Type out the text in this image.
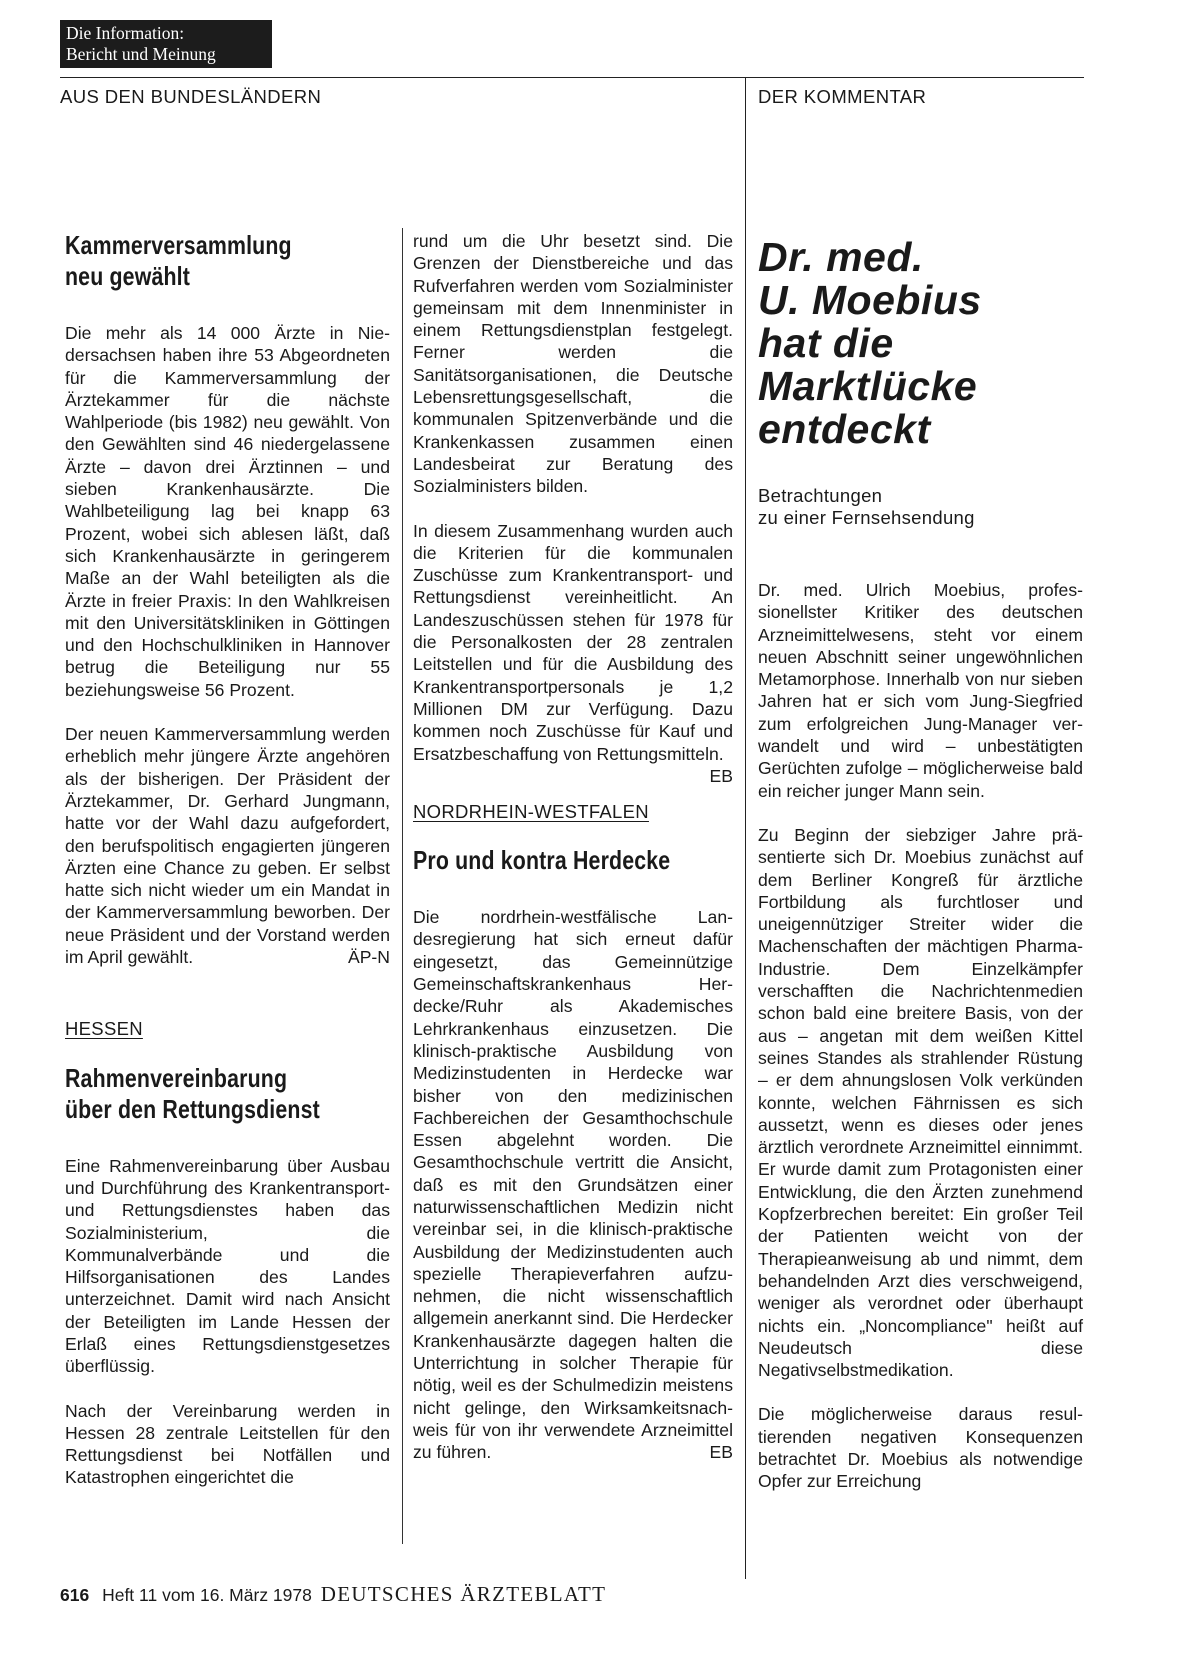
Die Information:
Bericht und Meinung
AUS DEN BUNDESLÄNDERN	DER KOMMENTAR
Kammerversammlung
neu gewählt

Die mehr als 14 000 Ärzte in Niedersachsen haben ihre 53 Abgeordneten für die Kammerversammlung der Ärztekammer für die nächste Wahlperiode (bis 1982) neu gewählt. Von den Gewählten sind 46 niedergelassene Ärzte – davon drei Ärztinnen – und sieben Krankenhausärzte. Die Wahlbeteiligung lag bei knapp 63 Prozent, wobei sich ablesen läßt, daß sich Krankenhausärzte in geringerem Maße an der Wahl beteiligten als die Ärzte in freier Praxis: In den Wahlkreisen mit den Universitätskliniken in Göttingen und den Hochschulkliniken in Hannover betrug die Beteiligung nur 55 beziehungsweise 56 Prozent.

Der neuen Kammerversammlung werden erheblich mehr jüngere Ärzte angehören als der bisherigen. Der Präsident der Ärztekammer, Dr. Gerhard Jungmann, hatte vor der Wahl dazu aufgefordert, den berufspolitisch engagierten jüngeren Ärzten eine Chance zu geben. Er selbst hatte sich nicht wieder um ein Mandat in der Kammerversammlung beworben. Der neue Präsident und der Vorstand werden im April gewählt.	ÄP-N

HESSEN
Rahmenvereinbarung
über den Rettungsdienst

Eine Rahmenvereinbarung über Ausbau und Durchführung des Krankentransport- und Rettungsdienstes haben das Sozialministerium, die Kommunalverbände und die Hilfsorganisationen des Landes unterzeichnet. Damit wird nach Ansicht der Beteiligten im Lande Hessen der Erlaß eines Rettungsdienstgesetzes überflüssig.

Nach der Vereinbarung werden in Hessen 28 zentrale Leitstellen für den Rettungsdienst bei Notfällen und Katastrophen eingerichtet die

rund um die Uhr besetzt sind. Die Grenzen der Dienstbereiche und das Rufverfahren werden vom Sozialminister gemeinsam mit dem Innenminister in einem Rettungsdienstplan festgelegt. Ferner werden die Sanitätsorganisationen, die Deutsche Lebensrettungsgesellschaft, die kommunalen Spitzenverbände und die Krankenkassen zusammen einen Landesbeirat zur Beratung des Sozialministers bilden.

In diesem Zusammenhang wurden auch die Kriterien für die kommunalen Zuschüsse zum Krankentransport- und Rettungsdienst vereinheitlicht. An Landeszuschüssen stehen für 1978 für die Personalkosten der 28 zentralen Leitstellen und für die Ausbildung des Krankentransportpersonals je 1,2 Millionen DM zur Verfügung. Dazu kommen noch Zuschüsse für Kauf und Ersatzbeschaffung von Rettungsmitteln.
EB

NORDRHEIN-WESTFALEN
Pro und kontra Herdecke

Die nordrhein-westfälische Landesregierung hat sich erneut dafür eingesetzt, das Gemeinnützige Gemeinschaftskrankenhaus Herdecke/Ruhr als Akademisches Lehrkrankenhaus einzusetzen. Die klinisch-praktische Ausbildung von Medizinstudenten in Herdecke war bisher von den medizinischen Fachbereichen der Gesamthochschule Essen abgelehnt worden. Die Gesamthochschule vertritt die Ansicht, daß es mit den Grundsätzen einer naturwissenschaftlichen Medizin nicht vereinbar sei, in die klinisch-praktische Ausbildung der Medizinstudenten auch spezielle Therapieverfahren aufzunehmen, die nicht wissenschaftlich allgemein anerkannt sind. Die Herdecker Krankenhausärzte dagegen halten die Unterrichtung in solcher Therapie für nötig, weil es der Schulmedizin meistens nicht gelinge, den Wirksamkeitsnachweis für von ihr verwendete Arzneimittel zu führen.	EB

Dr. med.
U. Moebius
hat die
Marktlücke
entdeckt
Betrachtungen
zu einer Fernsehsendung

Dr. med. Ulrich Moebius, professionellster Kritiker des deutschen Arzneimittelwesens, steht vor einem neuen Abschnitt seiner ungewöhnlichen Metamorphose. Innerhalb von nur sieben Jahren hat er sich vom Jung-Siegfried zum erfolgreichen Jung-Manager verwandelt und wird – unbestätigten Gerüchten zufolge – möglicherweise bald ein reicher junger Mann sein.

Zu Beginn der siebziger Jahre präsentierte sich Dr. Moebius zunächst auf dem Berliner Kongreß für ärztliche Fortbildung als furchtloser und uneigennütziger Streiter wider die Machenschaften der mächtigen Pharma-Industrie. Dem Einzelkämpfer verschafften die Nachrichtenmedien schon bald eine breitere Basis, von der aus – angetan mit dem weißen Kittel seines Standes als strahlender Rüstung – er dem ahnungslosen Volk verkünden konnte, welchen Fährnissen es sich aussetzt, wenn es dieses oder jenes ärztlich verordnete Arzneimittel einnimmt. Er wurde damit zum Protagonisten einer Entwicklung, die den Ärzten zunehmend Kopfzerbrechen bereitet: Ein großer Teil der Patienten weicht von der Therapieanweisung ab und nimmt, dem behandelnden Arzt dies verschweigend, weniger als verordnet oder überhaupt nichts ein. „Noncompliance" heißt auf Neudeutsch diese Negativselbstmedikation.

Die möglicherweise daraus resultierenden negativen Konsequenzen betrachtet Dr. Moebius als notwendige Opfer zur Erreichung

616 Heft 11 vom 16. März 1978 DEUTSCHES ÄRZTEBLATT
